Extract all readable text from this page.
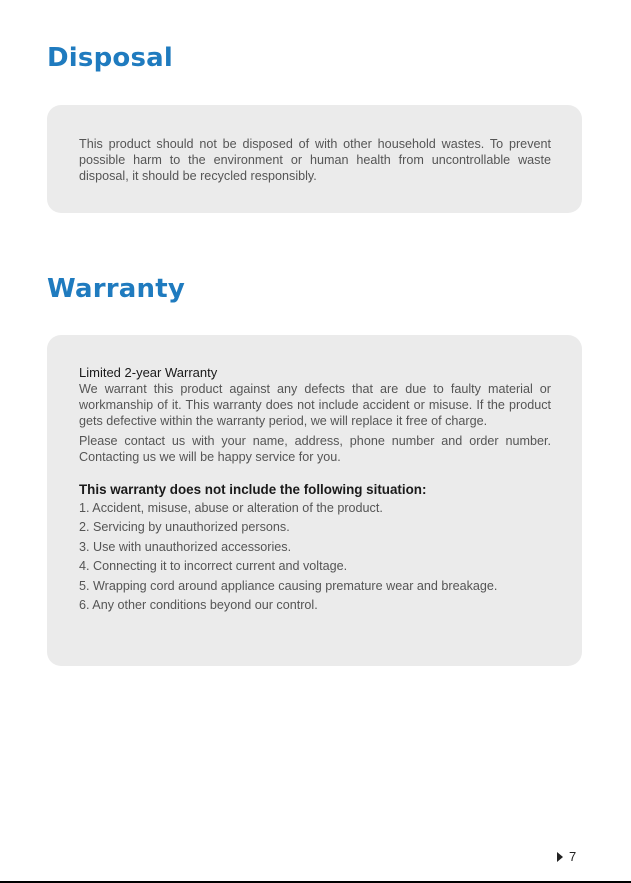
Disposal

This product should not be disposed of with other household wastes. To prevent possible harm to the environment or human health from uncontrollable waste disposal, it should be recycled responsibly.

Warranty

Limited 2-year Warranty

We warrant this product against any defects that are due to faulty material or workmanship of it. This warranty does not include accident or misuse. If the product gets defective within the warranty period, we will replace it free of charge.

Please contact us with your name, address, phone number and order number. Contacting us we will be happy service for you.

This warranty does not include the following situation:

1. Accident, misuse, abuse or alteration of the product.
2. Servicing by unauthorized persons.
3. Use with unauthorized accessories.
4. Connecting it to incorrect current and voltage.
5. Wrapping cord around appliance causing premature wear and breakage.
6. Any other conditions beyond our control.
7
